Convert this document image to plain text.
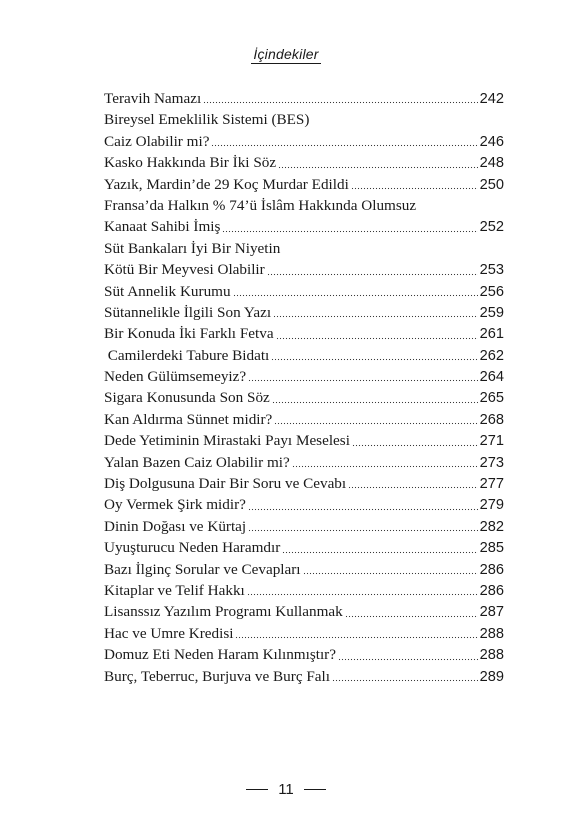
İçindekiler
Teravih Namazı	242
Bireysel Emeklilik Sistemi (BES)
Caiz Olabilir mi?	246
Kasko Hakkında Bir İki Söz	248
Yazık, Mardin’de 29 Koç Murdar Edildi	250
Fransa’da Halkın % 74’ü İslâm Hakkında Olumsuz
Kanaat Sahibi İmiş	252
Süt Bankaları İyi Bir Niyetin
Kötü Bir Meyvesi Olabilir	253
Süt Annelik Kurumu	256
Sütannelikle İlgili Son Yazı	259
Bir Konuda İki Farklı Fetva	261
Camilerdeki Tabure Bidatı	262
Neden Gülümsemeyiz?	264
Sigara Konusunda Son Söz	265
Kan Aldırma Sünnet midir?	268
Dede Yetiminin Mirastaki Payı Meselesi	271
Yalan Bazen Caiz Olabilir mi?	273
Diş Dolgusuna Dair Bir Soru ve Cevabı	277
Oy Vermek Şirk midir?	279
Dinin Doğası ve Kürtaj	282
Uyuşturucu Neden Haramdır	285
Bazı İlginç Sorular ve Cevapları	286
Kitaplar ve Telif Hakkı	286
Lisanssız Yazılım Programı Kullanmak	287
Hac ve Umre Kredisi	288
Domuz Eti Neden Haram Kılınmıştır?	288
Burç, Teberruc, Burjuva ve Burç Falı	289
11
